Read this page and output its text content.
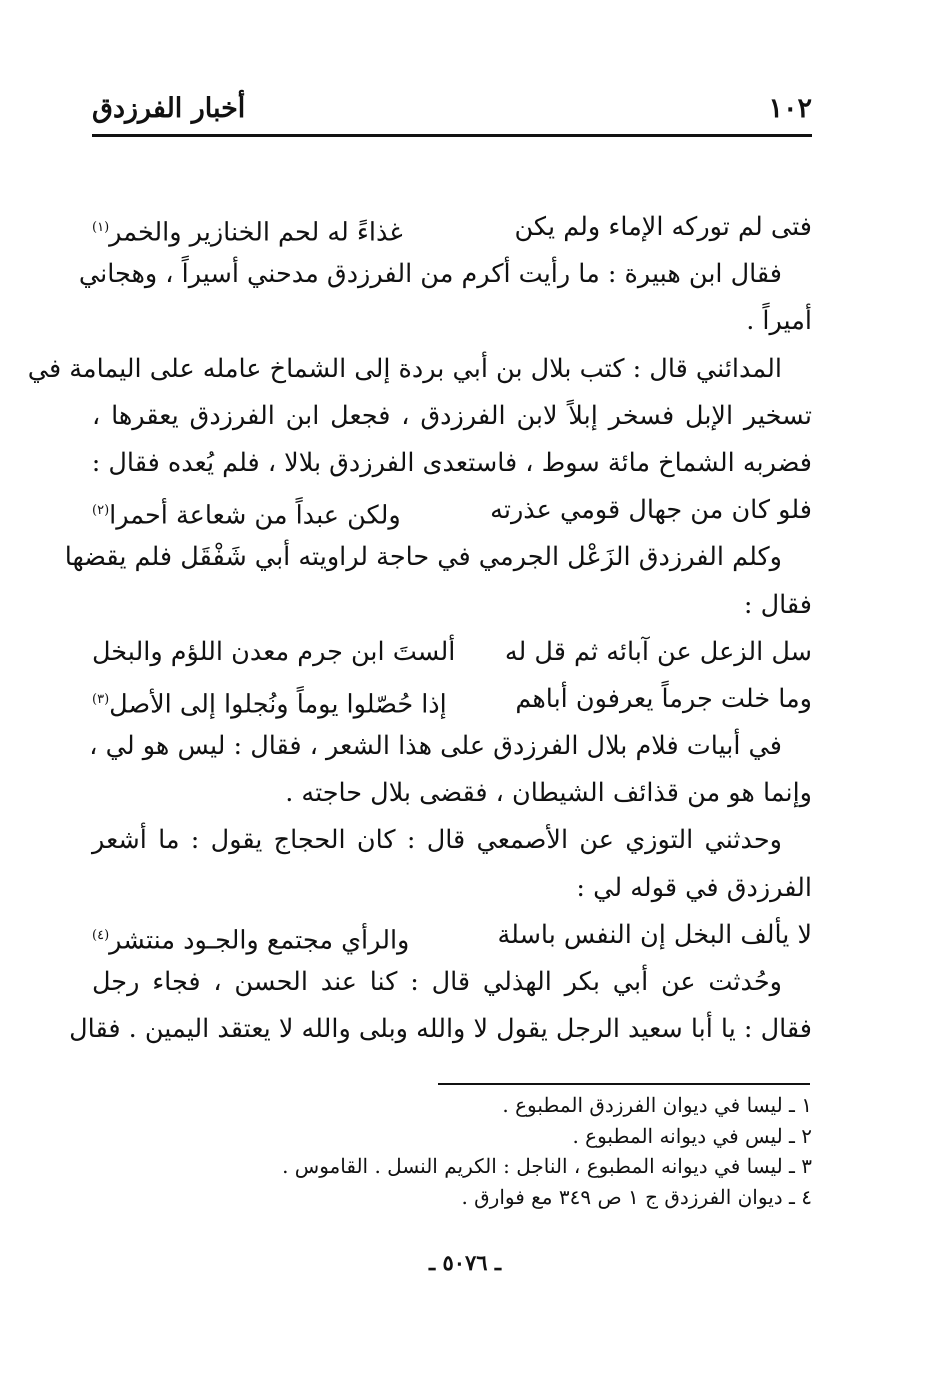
أخبار الفرزدق	١٠٢
فتى لم توركه الإماء ولم يكن
غذاءً له لحم الخنازير والخمر$^{(١)}$
فقال ابن هبيرة : ما رأيت أكرم من الفرزدق مدحني أسيراً ، وهجاني
أميراً .
المدائني قال : كتب بلال بن أبي بردة إلى الشماخ عامله على اليمامة في
تسخير الإبل فسخر إبلاً لابن الفرزدق ، فجعل ابن الفرزدق يعقرها ،
فضربه الشماخ مائة سوط ، فاستعدى الفرزدق بلالا ، فلم يُعده فقال :
فلو كان من جهال قومي عذرته
ولكن عبداً من شعاعة أحمرا$^{(٢)}$
وكلم الفرزدق الزَعْل الجرمي في حاجة لراويته أبي شَفْقَل فلم يقضها
فقال :
سل الزعل عن آبائه ثم قل له
ألستَ ابن جرم معدن اللؤم والبخل
وما خلت جرماً يعرفون أباهم
إذا حُصّلوا يوماً ونُجلوا إلى الأصل$^{(٣)}$
في أبيات فلام بلال الفرزدق على هذا الشعر ، فقال : ليس هو لي ،
وإنما هو من قذائف الشيطان ، فقضى بلال حاجته .
وحدثني التوزي عن الأصمعي قال : كان الحجاج يقول : ما أشعر
الفرزدق في قوله لي :
لا يألف البخل إن النفس باسلة
والرأي مجتمع والجـود منتشر$^{(٤)}$
وحُدثت عن أبي بكر الهذلي قال : كنا عند الحسن ، فجاء رجل
فقال : يا أبا سعيد الرجل يقول لا والله وبلى والله لا يعتقد اليمين . فقال
١ ـ ليسا في ديوان الفرزدق المطبوع .
٢ ـ ليس في ديوانه المطبوع .
٣ ـ ليسا في ديوانه المطبوع ، الناجل : الكريم النسل . القاموس .
٤ ـ ديوان الفرزدق ج ١ ص ٣٤٩ مع فوارق .
ـ ٥٠٧٦ ـ
